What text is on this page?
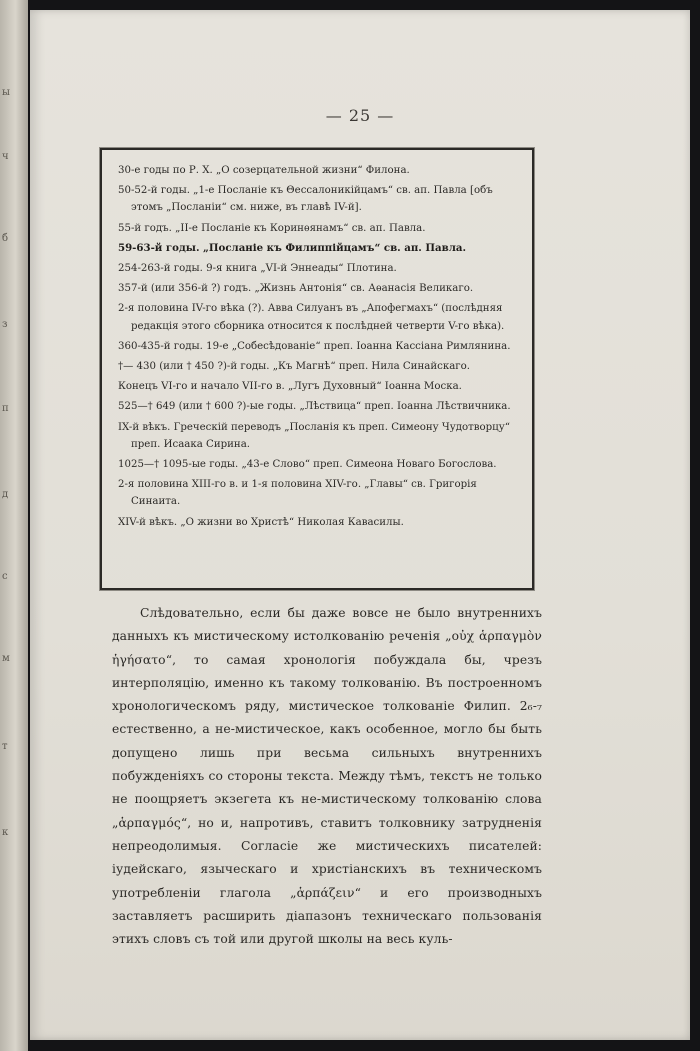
ы
ч
б
з
п
д
с
м
т
к
— 25 —
30-е годы по Р. Х. „О созерцательной жизни“ Филона.
50-52-й годы. „1-е Посланіе къ Θессалоникійцамъ“ св. ап. Павла [объ этомъ „Посланіи“ см. ниже, въ главѣ IV-й].
55-й годъ. „II-е Посланіе къ Коринѳянамъ“ св. ап. Павла.
59-63-й годы. „Посланіе къ Филиппійцамъ“ св. ап. Павла.
254-263-й годы. 9-я книга „VI-й Эннеады“ Плотина.
357-й (или 356-й ?) годъ. „Жизнь Антонія“ св. Аѳанасія Великаго.
2-я половина IV-го вѣка (?). Авва Силуанъ въ „Апофегмахъ“ (послѣдняя редакція этого сборника относится к послѣдней четверти V-го вѣка).
360-435-й годы. 19-е „Собесѣдованіе“ преп. Іоанна Кассіана Римлянина.
†— 430 (или † 450 ?)-й годы. „Къ Магнѣ“ преп. Нила Синайскаго.
Конецъ VI-го и начало VII-го в. „Лугъ Духовный“ Іоанна Моска.
525—† 649 (или † 600 ?)-ые годы. „Лѣствица“ преп. Іоанна Лѣствичника.
IX-й вѣкъ. Греческій переводъ „Посланія къ преп. Симеону Чудотворцу“ преп. Исаака Сирина.
1025—† 1095-ые годы. „43-е Слово“ преп. Симеона Новаго Богослова.
2-я половина XIII-го в. и 1-я половина XIV-го. „Главы“ св. Григорія Синаита.
XIV-й вѣкъ. „О жизни во Христѣ“ Николая Кавасилы.

Слѣдовательно, если бы даже вовсе не было внутреннихъ данныхъ къ мистическому истолкованію реченія „οὐχ ἁρπαγμὸν ἡγήσατο“, то самая хронологія побуждала бы, чрезъ интерполяцію, именно къ такому толкованію. Въ построенномъ хронологическомъ ряду, мистическое толкованіе Филип. 2₆-₇ естественно, а не-мистическое, какъ особенное, могло бы быть допущено лишь при весьма сильныхъ внутреннихъ побужденіяхъ со стороны текста. Между тѣмъ, текстъ не только не поощряетъ экзегета къ не-мистическому толкованію слова „ἁρπαγμός“, но и, напротивъ, ставитъ толковнику затрудненія непреодолимыя. Согласіе же мистическихъ писателей: іудейскаго, языческаго и христіанскихъ въ техническомъ употребленіи глагола „ἁρπάζειν“ и его производныхъ заставляетъ расширить діапазонъ техническаго пользованія этихъ словъ съ той или другой школы на весь куль-
